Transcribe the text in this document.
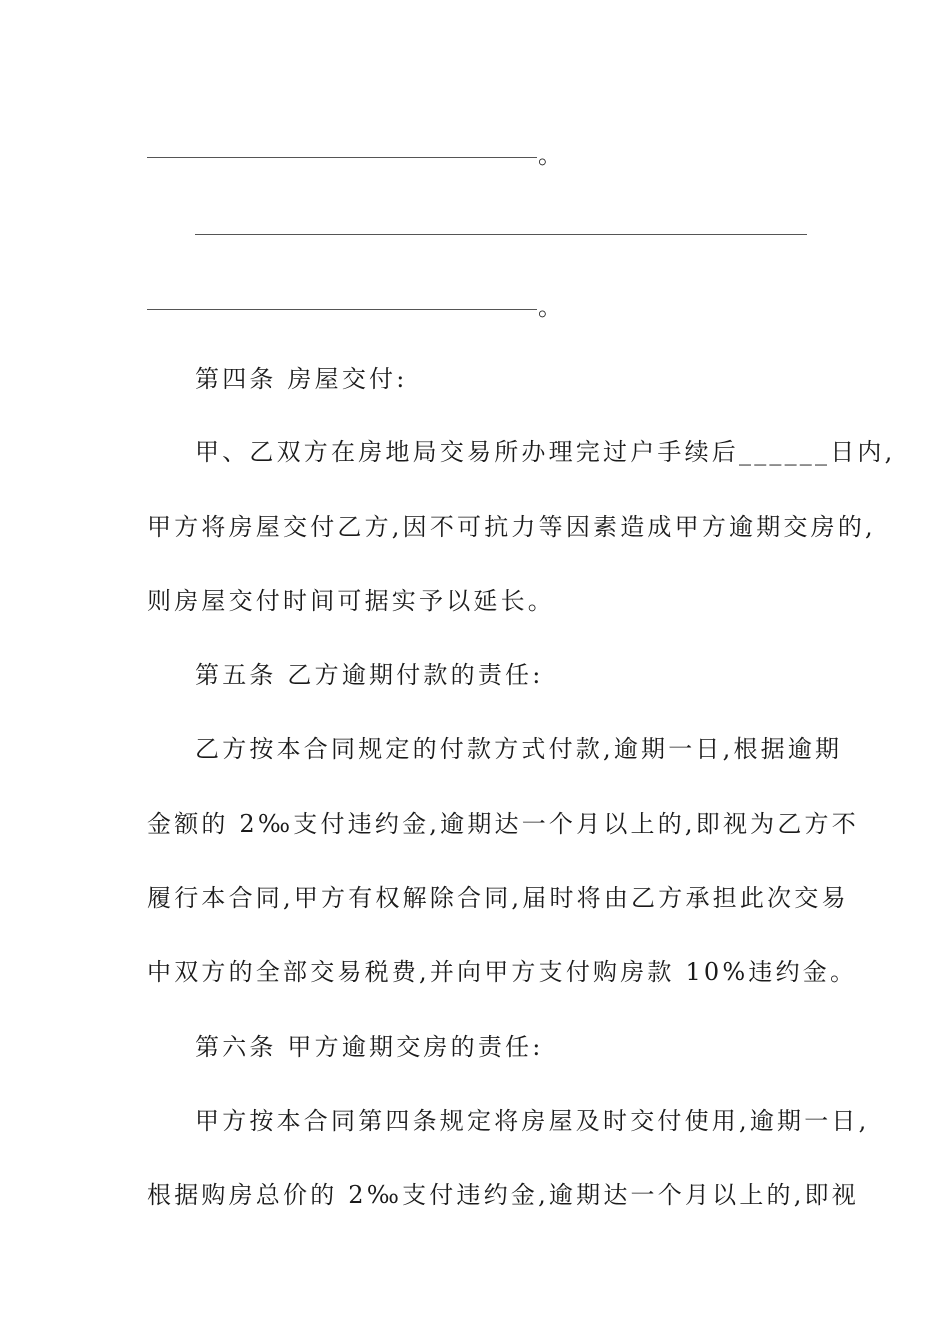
。
。
第四条 房屋交付:
甲、乙双方在房地局交易所办理完过户手续后______日内,
甲方将房屋交付乙方,因不可抗力等因素造成甲方逾期交房的,
则房屋交付时间可据实予以延长。
第五条 乙方逾期付款的责任:
乙方按本合同规定的付款方式付款,逾期一日,根据逾期
金额的 2‰支付违约金,逾期达一个月以上的,即视为乙方不
履行本合同,甲方有权解除合同,届时将由乙方承担此次交易
中双方的全部交易税费,并向甲方支付购房款 10%违约金。
第六条 甲方逾期交房的责任:
甲方按本合同第四条规定将房屋及时交付使用,逾期一日,
根据购房总价的 2‰支付违约金,逾期达一个月以上的,即视
